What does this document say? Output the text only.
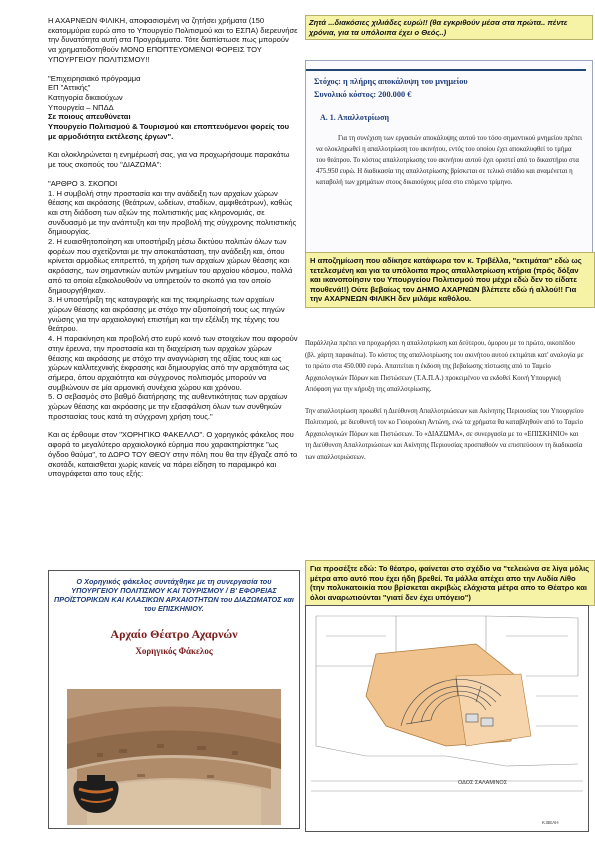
Η ΑΧΑΡΝΕΩΝ ΦΙΛΙΚΗ, αποφασισμένη να ζητήσει χρήματα (150 εκατομμύρια ευρώ απο το Υπουργείο Πολιτισμού και το ΕΣΠΑ) διερευνήσε την δυνατότητα αυτή στα Προγράμματα. Τότε διαπίστωσε πως μπορούν να χρηματοδοτηθούν ΜΟΝΟ ΕΠΟΠΤΕΥΟΜΕΝΟΙ ΦΟΡΕΙΣ ΤΟΥ ΥΠΟΥΡΓΕΙΟΥ ΠΟΛΙΤΙΣΜΟΥ!!

"Επιχειρησιακό πρόγραμμα

ΕΠ "Αττικής"

Κατηγορία δικαιούχων

Υπουργεία – ΝΠΔΔ

Σε ποιους απευθύνεται

Υπουργείο Πολιτισμού & Τουρισμού και εποπτευόμενοι φορείς του με αρμοδιότητα εκτέλεσης έργων".

Και ολοκληρώνεται η ενημέρωσή σας, για να προχωρήσουμε παρακάτω με τους σκοπούς του "ΔΙΑΖΩΜΑ":

"ΑΡΘΡΟ 3. ΣΚΟΠΟΙ

1. Η συμβολή στην προστασία και την ανάδειξη των αρχαίων χώρων θέασης και ακρόασης (θεάτρων, ωδείων, σταδίων, αμφιθεάτρων), καθώς και στη διάδοση των αξιών της πολιτιστικής μας κληρονομιάς, σε συνδυασμό με την ανάπτυξη και την προβολή της σύγχρονης πολιτιστικής δημιουργίας.

2. Η ευαισθητοποίηση και υποστήριξη μέσω δικτύου πολιτών όλων των φορέων που σχετίζονται με την αποκατάσταση, την ανάδειξη και, όπου κρίνεται αρμοδίως επιτρεπτό, τη χρήση των αρχαίων χώρων θέασης και ακρόασης, των σημαντικών αυτών μνημείων του αρχαίου κόσμου, πολλά από τα οποία εξακολουθούν να υπηρετούν το σκοπό για τον οποίο δημιουργήθηκαν.

3. Η υποστήριξη της καταγραφής και της τεκμηρίωσης των αρχαίων χώρων θέασης και ακρόασης με στόχο την αξιοποίησή τους ως πηγών γνώσης για την αρχαιολογική επιστήμη και την εξέλιξη της τέχνης του θεάτρου.

4. Η παρακίνηση και προβολή στο ευρύ κοινό των στοιχείων που αφορούν στην έρευνα, την προστασία και τη διαχείριση των αρχαίων χώρων θέασης και ακρόασης με στόχο την αναγνώριση της αξίας τους και ως χώρων καλλιτεχνικής έκφρασης και δημιουργίας από την αρχαιότητα ως σήμερα, όπου αρχαιότητα και σύγχρονος πολιτισμός μπορούν να συμβιώνουν σε μία αρμονική συνέχεια χώρου και χρόνου.

5. Ο σεβασμός στο βαθμό διατήρησης της αυθεντικότητας των αρχαίων χώρων θέασης και ακρόασης με την εξασφάλιση όλων των συνθηκών προστασίας τους κατά τη σύγχρονη χρήση τους."

Και ας έρθουμε στον "ΧΟΡΗΓΙΚΟ ΦΑΚΕΛΛΟ". Ο χορηγικός φάκελος που αφορά το μεγαλύτερο αρχαιολογικό εύρημα που χαρακτηρίστηκε "ως όγδοο θαύμα", το ΔΩΡΟ ΤΟΥ ΘΕΟΥ στην πόλη που θα την έβγαζε από το σκοτάδι, καταισθεται χωρίς κανείς να πάρει είδηση το παραμικρό και υπογράφεται απο τους εξής:

Ο Χορηγικός φάκελος συντάχθηκε με τη συνεργασία του ΥΠΟΥΡΓΕΙΟΥ ΠΟΛΙΤΙΣΜΟΥ ΚΑΙ ΤΟΥΡΙΣΜΟΥ / Β' ΕΦΟΡΕΙΑΣ ΠΡΟΪΣΤΟΡΙΚΩΝ ΚΑΙ ΚΛΑΣΙΚΩΝ ΑΡΧΑΙΟΤΗΤΩΝ του ΔΙΑΖΩΜΑΤΟΣ και του ΕΠΙΣΚΗΝΙΟΥ.
Αρχαίο Θέατρο Αχαρνών
Χορηγικός Φάκελος
Ζητά ...διακόσιες χιλιάδες ευρώ!! (θα εγκριθούν μέσα στα πρώτα.. πέντε χρόνια, για τα υπόλοιπα έχει ο Θεός..)
Στόχος: η πλήρης αποκάλυψη του μνημείου
Συνολικό κόστος: 200.000 €
Α. 1. Απαλλοτρίωση

Για τη συνέχιση των εργασιών αποκάλυψης αυτού του τόσο σημαντικού μνημείου πρέπει να ολοκληρωθεί η απαλλοτρίωση του ακινήτου, εντός του οποίου έχει αποκαλυφθεί το τμήμα του θεάτρου. Το κόστος απαλλοτρίωσης του ακινήτου αυτού έχει οριστεί από το δικαστήριο στα 475.950 ευρώ. Η διαδικασία της απαλλοτρίωσης βρίσκεται σε τελικό στάδιο και αναμένεται η καταβολή των χρημάτων στους δικαιούχους μέσα στο επόμενο τρίμηνο.

Η αποζημίωση που αδίκησε κατάφωρα τον κ. Τριβέλλα, "εκτιμάται" εδώ ως τετελεσμένη και για τα υπόλοιπα προς απαλλοτρίωση κτήρια (πρός δόξαν και ικανοποίησιν του Υπουργείου Πολιτισμού που μέχρι εδώ δεν το είδατε πουθενά!!) Ούτε βεβαίως τον ΔΗΜΟ ΑΧΑΡΝΩΝ βλέπετε εδώ ή αλλού!! Για την ΑΧΑΡΝΕΩΝ ΦΙΛΙΚΗ δεν μιλάμε καθόλου.

Παράλληλα πρέπει να προχωρήσει η απαλλοτρίωση και δεύτερου, όμορου με το πρώτο, οικοπέδου (βλ. χάρτη παρακάτω). Το κόστος της απαλλοτρίωσης του ακινήτου αυτού εκτιμάται κατ' αναλογία με το πρώτο στα 450.000 ευρώ. Απαιτείται η έκδοση της βεβαίωσης πίστωσης από το Ταμείο Αρχαιολογικών Πόρων και Πιστώσεων (Τ.Α.Π.Α.) προκειμένου να εκδοθεί Κοινή Υπουργική Απόφαση για την κήρυξη της απαλλοτρίωσης.

Την απαλλοτρίωση προωθεί η Διεύθυνση Απαλλοτριώσεων και Ακίνητης Περιουσίας του Υπουργείου Πολιτισμού, με διευθυντή τον κο Γιουρούκη Αντώνη, ενώ τα χρήματα θα καταβληθούν από το Ταμείο Αρχαιολογικών Πόρων και Πιστώσεων. Το «ΔΙΑΖΩΜΑ», σε συνεργασία με το «ΕΠΙΣΚΗΝΙΟ» και τη Διεύθυνση Απαλλοτριώσεων και Ακίνητης Περιουσίας προσπαθούν να επισπεύσουν τη διαδικασία των απαλλοτριώσεων.

Για προσέξτε εδώ: Το θέατρο, φαίνεται στο σχέδιο να "τελειώνα σε λίγα μόλις μέτρα απο αυτό που έχει ήδη βρεθεί. Τα μάλλα απέχει απο την Λυδία Λίθο (την πολυκατοικία που βρίσκεται ακριβώς ελάχιστα μέτρα απο το Θέατρο και όλοι αναρωτιούνται "γιατί δεν έχει υπόγειο")
ΟΔΟΣ ΣΑΛΑΜΙΝΟΣ
Κ.ΒΕΛΗ
